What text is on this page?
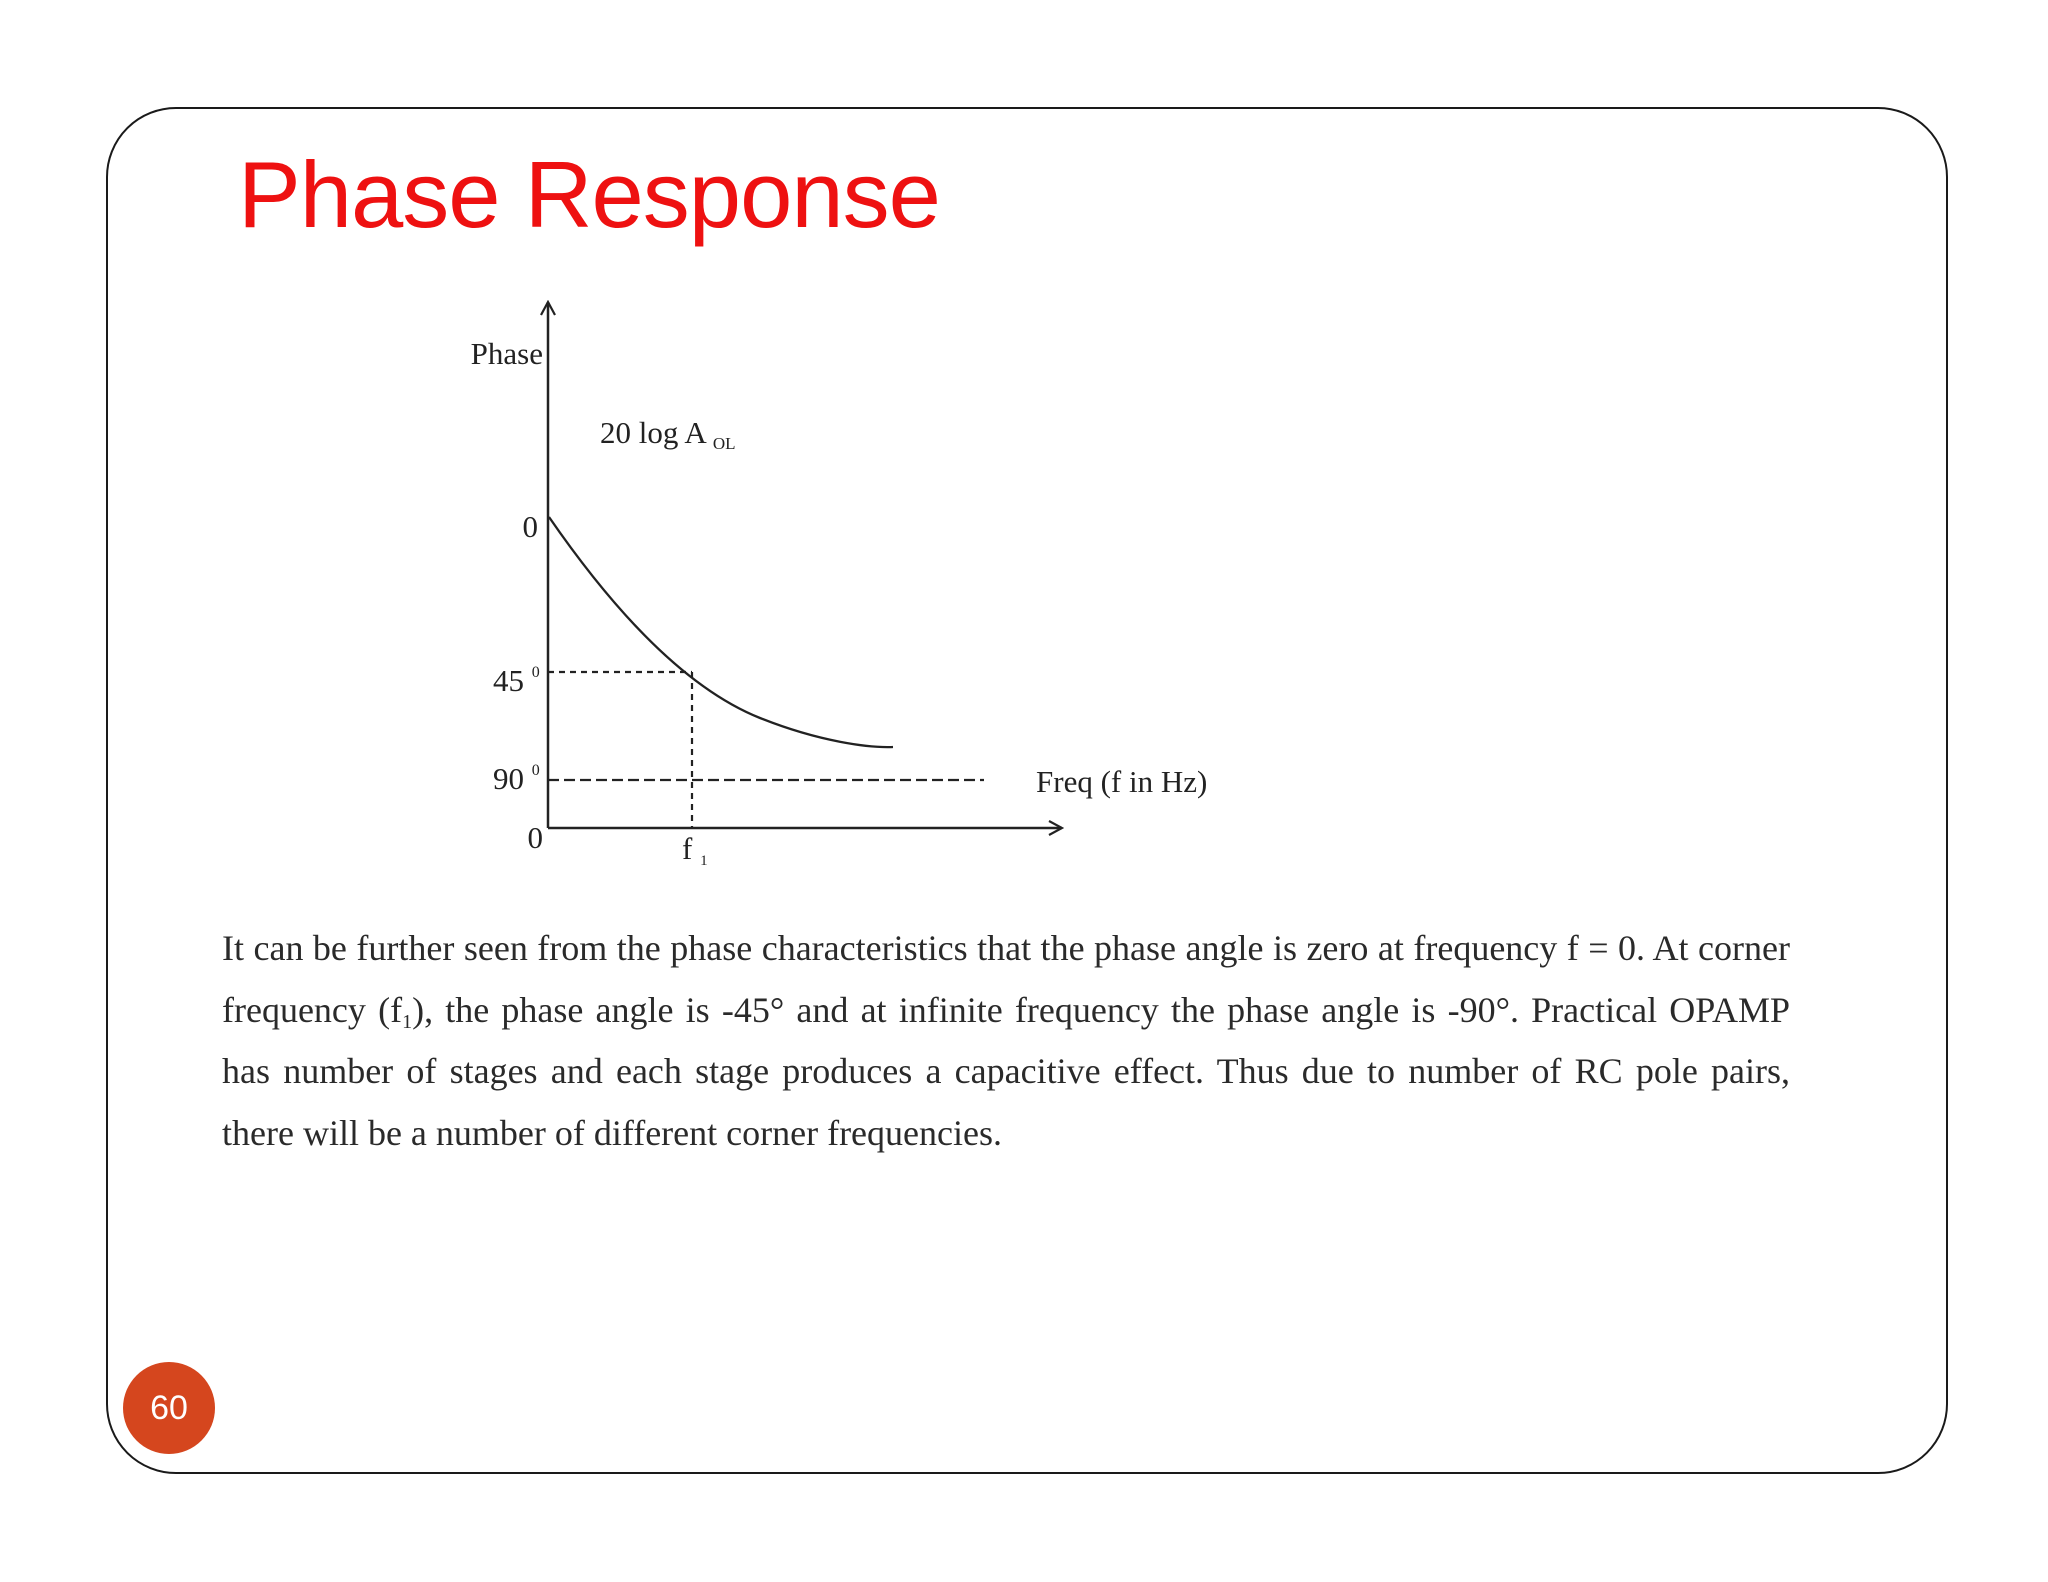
Phase Response
Phase
20 log A OL
0
45 $^0$
90 $^0$
0
Freq (f in Hz)
f 1

It can be further seen from the phase characteristics that the phase angle is zero at frequency f = 0. At corner frequency $(f_1)$, the phase angle is -45° and at infinite frequency the phase angle is -90°. Practical OPAMP has number of stages and each stage produces a capacitive effect. Thus due to number of RC pole pairs, there will be a number of different corner frequencies.

60
